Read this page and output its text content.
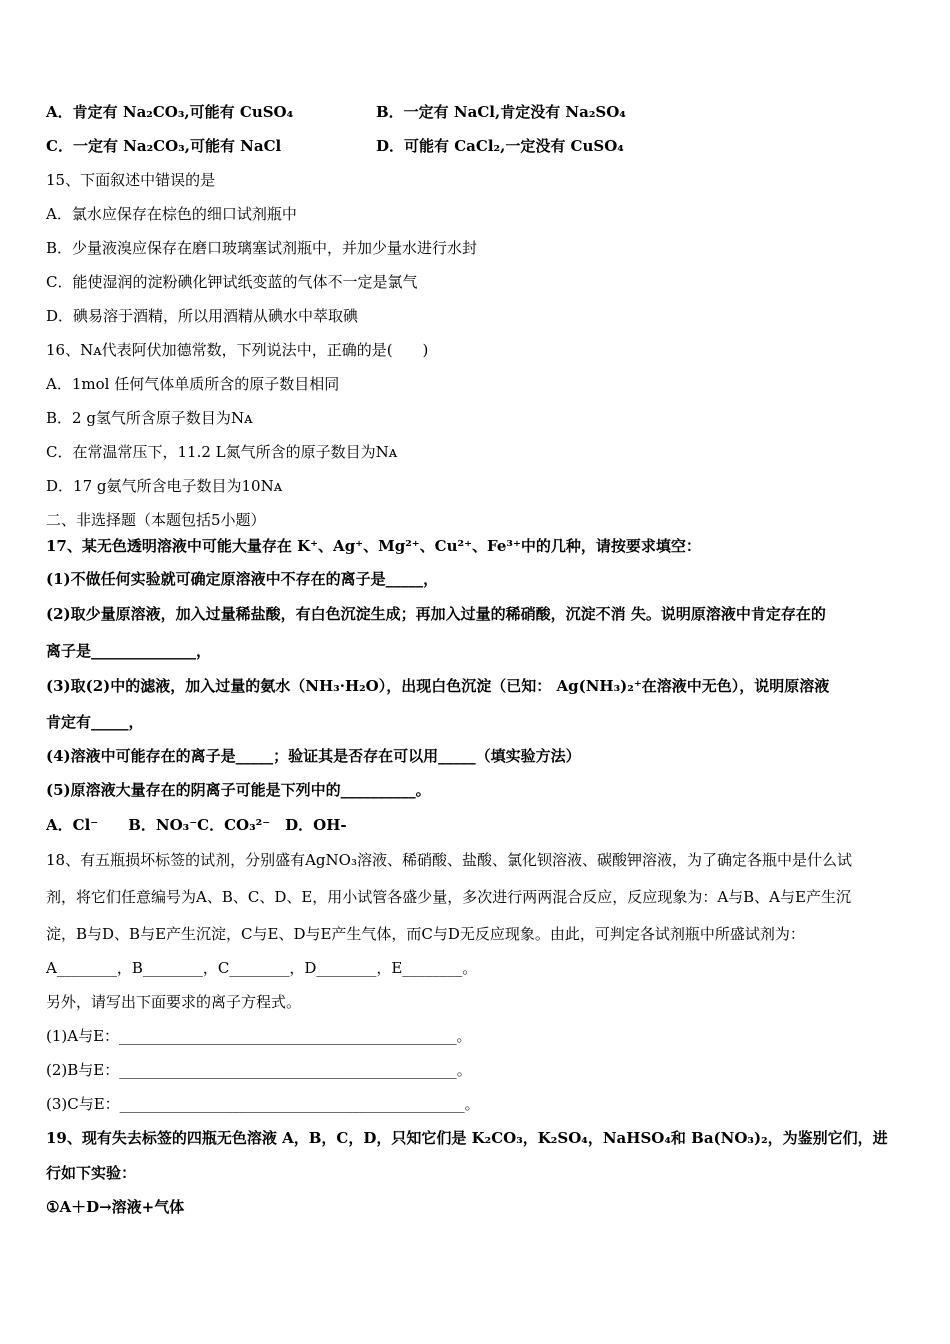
A．肯定有 Na₂CO₃,可能有 CuSO₄	B．一定有 NaCl,肯定没有 Na₂SO₄
C．一定有 Na₂CO₃,可能有 NaCl	D．可能有 CaCl₂,一定没有 CuSO₄
15、下面叙述中错误的是
A．氯水应保存在棕色的细口试剂瓶中
B．少量液溴应保存在磨口玻璃塞试剂瓶中，并加少量水进行水封
C．能使湿润的淀粉碘化钾试纸变蓝的气体不一定是氯气
D．碘易溶于酒精，所以用酒精从碘水中萃取碘
16、Nᴀ代表阿伏加德常数，下列说法中，正确的是(　　)
A．1mol 任何气体单质所含的原子数目相同
B．2 g氢气所含原子数目为Nᴀ
C．在常温常压下，11.2 L氮气所含的原子数目为Nᴀ
D．17 g氨气所含电子数目为10Nᴀ
二、非选择题（本题包括5小题）
17、某无色透明溶液中可能大量存在 K⁺、Ag⁺、Mg²⁺、Cu²⁺、Fe³⁺中的几种，请按要求填空：
(1)不做任何实验就可确定原溶液中不存在的离子是_____，
(2)取少量原溶液，加入过量稀盐酸，有白色沉淀生成；再加入过量的稀硝酸，沉淀不消 失。说明原溶液中肯定存在的
离子是______________，
(3)取(2)中的滤液，加入过量的氨水（NH₃·H₂O），出现白色沉淀（已知： Ag(NH₃)₂⁺在溶液中无色），说明原溶液
肯定有_____，
(4)溶液中可能存在的离子是_____；验证其是否存在可以用_____（填实验方法）
(5)原溶液大量存在的阴离子可能是下列中的__________。
A．Cl⁻　　B．NO₃⁻C．CO₃²⁻　D．OH-
18、有五瓶损坏标签的试剂，分别盛有AgNO₃溶液、稀硝酸、盐酸、氯化钡溶液、碳酸钾溶液，为了确定各瓶中是什么试
剂，将它们任意编号为A、B、C、D、E，用小试管各盛少量，多次进行两两混合反应，反应现象为：A与B、A与E产生沉
淀，B与D、B与E产生沉淀，C与E、D与E产生气体，而C与D无反应现象。由此，可判定各试剂瓶中所盛试剂为：
A________，B________，C________，D________，E________。
另外，请写出下面要求的离子方程式。
(1)A与E：_____________________________________________。
(2)B与E：_____________________________________________。
(3)C与E：______________________________________________。
19、现有失去标签的四瓶无色溶液 A，B，C，D，只知它们是 K₂CO₃，K₂SO₄，NaHSO₄和 Ba(NO₃)₂，为鉴别它们，进
行如下实验：
①A＋D→溶液+气体
